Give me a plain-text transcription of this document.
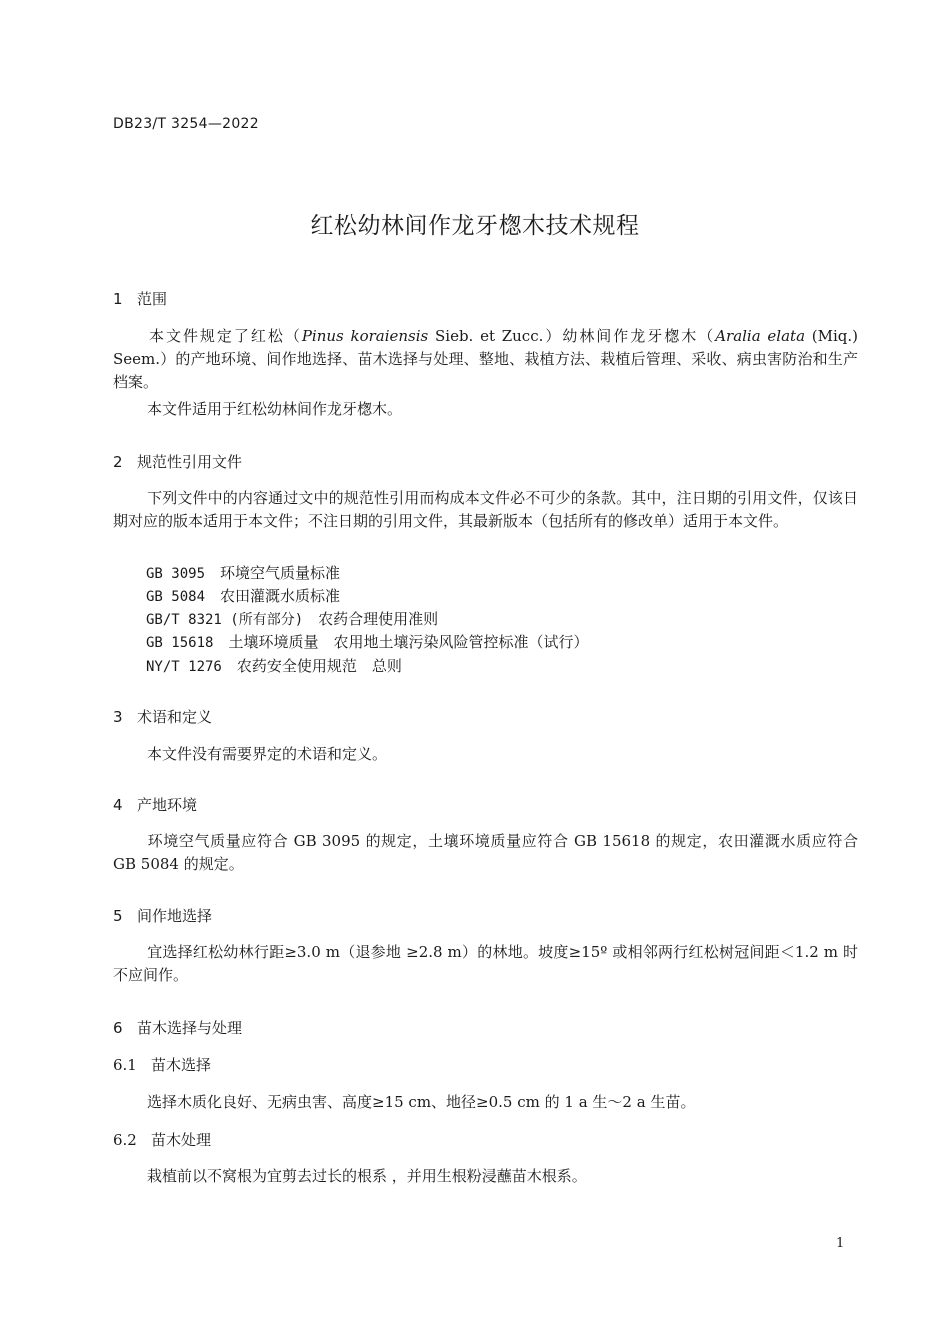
DB23/T 3254—2022
红松幼林间作龙牙楤木技术规程
1 范围
本文件规定了红松（Pinus koraiensis Sieb. et Zucc.）幼林间作龙牙楤木（Aralia elata (Miq.) Seem.）的产地环境、间作地选择、苗木选择与处理、整地、栽植方法、栽植后管理、采收、病虫害防治和生产档案。
本文件适用于红松幼林间作龙牙楤木。
2 规范性引用文件
下列文件中的内容通过文中的规范性引用而构成本文件必不可少的条款。其中，注日期的引用文件，仅该日期对应的版本适用于本文件；不注日期的引用文件，其最新版本（包括所有的修改单）适用于本文件。
GB 3095　 环境空气质量标准
GB 5084　 农田灌溉水质标准
GB/T 8321 (所有部分)　 农药合理使用准则
GB 15618　 土壤环境质量　农用地土壤污染风险管控标准（试行）
NY/T 1276　 农药安全使用规范　总则
3 术语和定义
本文件没有需要界定的术语和定义。
4 产地环境
环境空气质量应符合 GB 3095 的规定，土壤环境质量应符合 GB 15618 的规定，农田灌溉水质应符合 GB 5084 的规定。
5 间作地选择
宜选择红松幼林行距≥3.0 m（退参地 ≥2.8 m）的林地。坡度≥15º 或相邻两行红松树冠间距＜1.2 m 时不应间作。
6 苗木选择与处理
6.1 苗木选择
选择木质化良好、无病虫害、高度≥15 cm、地径≥0.5 cm 的 1 a 生～2 a 生苗。
6.2 苗木处理
栽植前以不窝根为宜剪去过长的根系 ，并用生根粉浸蘸苗木根系。
1
